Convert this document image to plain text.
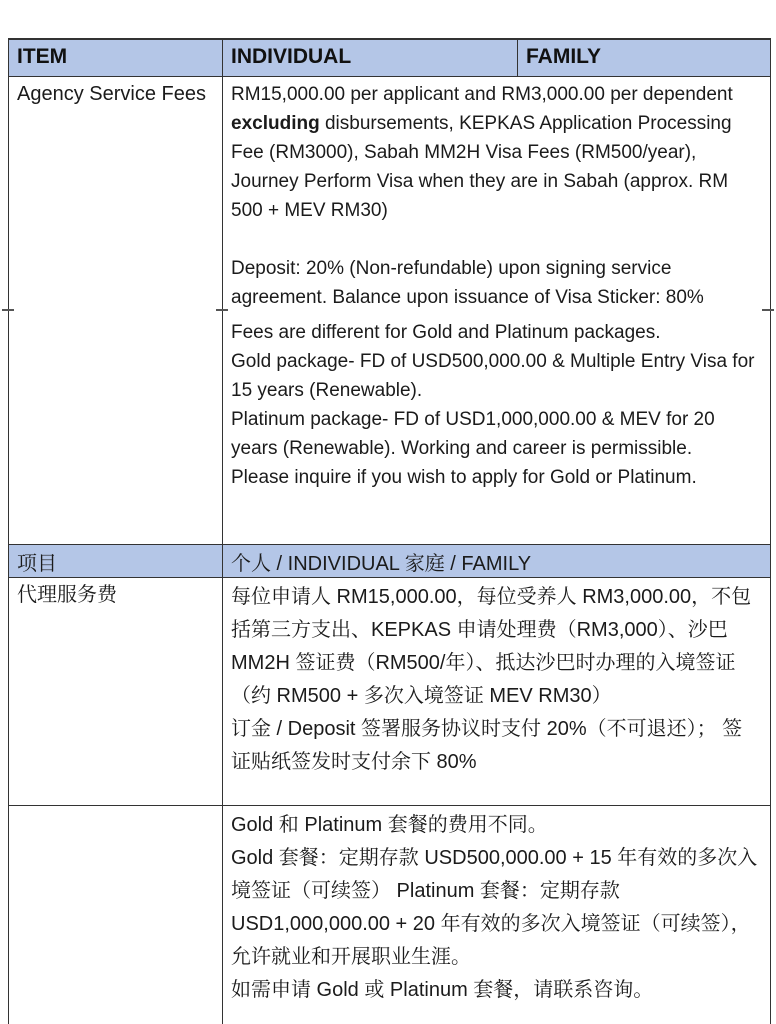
ITEM	INDIVIDUAL	FAMILY
Agency Service Fees	RM15,000.00 per applicant and RM3,000.00 per dependent excluding disbursements, KEPKAS Application Processing Fee (RM3000), Sabah MM2H Visa Fees (RM500/year), Journey Perform Visa when they are in Sabah (approx. RM 500 + MEV RM30)

Deposit: 20% (Non-refundable) upon signing service agreement. Balance upon issuance of Visa Sticker: 80%	

	Fees are different for Gold and Platinum packages.

Gold package- FD of USD500,000.00 & Multiple Entry Visa for 15 years (Renewable).

Platinum package- FD of USD1,000,000.00 & MEV for 20 years (Renewable). Working and career is permissible.

Please inquire if you wish to apply for Gold or Platinum.	

项目	个人 / INDIVIDUAL 家庭 / FAMILY	
代理服务费	每位申请人 RM15,000.00，每位受养人 RM3,000.00，不包括第三方支出、KEPKAS 申请处理费（RM3,000）、沙巴 MM2H 签证费（RM500/年）、抵达沙巴时办理的入境签证（约 RM500 + 多次入境签证 MEV RM30）

订金 / Deposit 签署服务协议时支付 20%（不可退还）； 签证贴纸签发时支付余下 80%	

	Gold 和 Platinum 套餐的费用不同。

Gold 套餐：定期存款 USD500,000.00 + 15 年有效的多次入境签证（可续签） Platinum 套餐：定期存款 USD1,000,000.00 + 20 年有效的多次入境签证（可续签），允许就业和开展职业生涯。

如需申请 Gold 或 Platinum 套餐，请联系咨询。	
